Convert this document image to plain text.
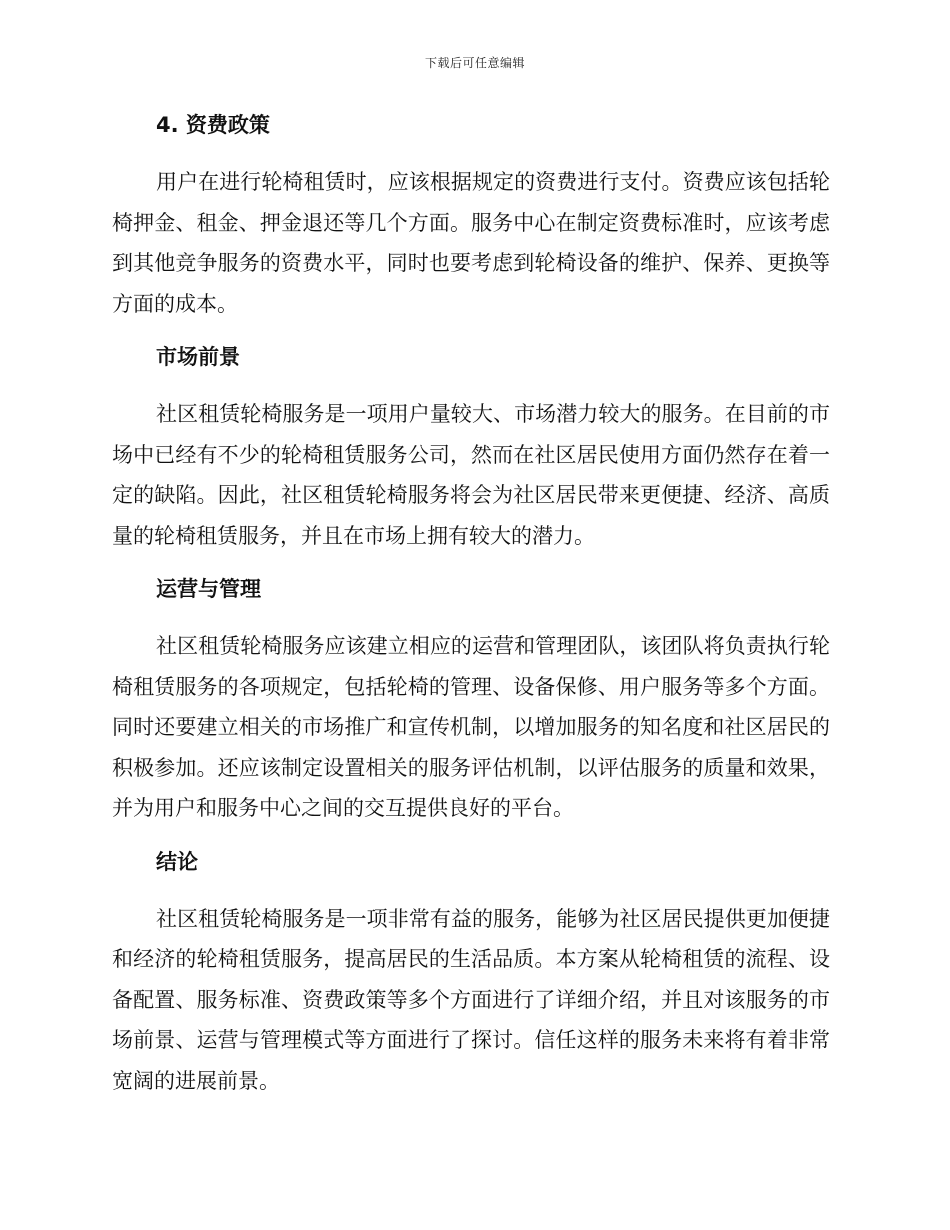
下载后可任意编辑
4. 资费政策

用户在进行轮椅租赁时，应该根据规定的资费进行支付。资费应该包括轮椅押金、租金、押金退还等几个方面。服务中心在制定资费标准时，应该考虑到其他竞争服务的资费水平，同时也要考虑到轮椅设备的维护、保养、更换等方面的成本。

市场前景

社区租赁轮椅服务是一项用户量较大、市场潜力较大的服务。在目前的市场中已经有不少的轮椅租赁服务公司，然而在社区居民使用方面仍然存在着一定的缺陷。因此，社区租赁轮椅服务将会为社区居民带来更便捷、经济、高质量的轮椅租赁服务，并且在市场上拥有较大的潜力。

运营与管理

社区租赁轮椅服务应该建立相应的运营和管理团队，该团队将负责执行轮椅租赁服务的各项规定，包括轮椅的管理、设备保修、用户服务等多个方面。同时还要建立相关的市场推广和宣传机制，以增加服务的知名度和社区居民的积极参加。还应该制定设置相关的服务评估机制，以评估服务的质量和效果，并为用户和服务中心之间的交互提供良好的平台。

结论

社区租赁轮椅服务是一项非常有益的服务，能够为社区居民提供更加便捷和经济的轮椅租赁服务，提高居民的生活品质。本方案从轮椅租赁的流程、设备配置、服务标准、资费政策等多个方面进行了详细介绍，并且对该服务的市场前景、运营与管理模式等方面进行了探讨。信任这样的服务未来将有着非常宽阔的进展前景。
